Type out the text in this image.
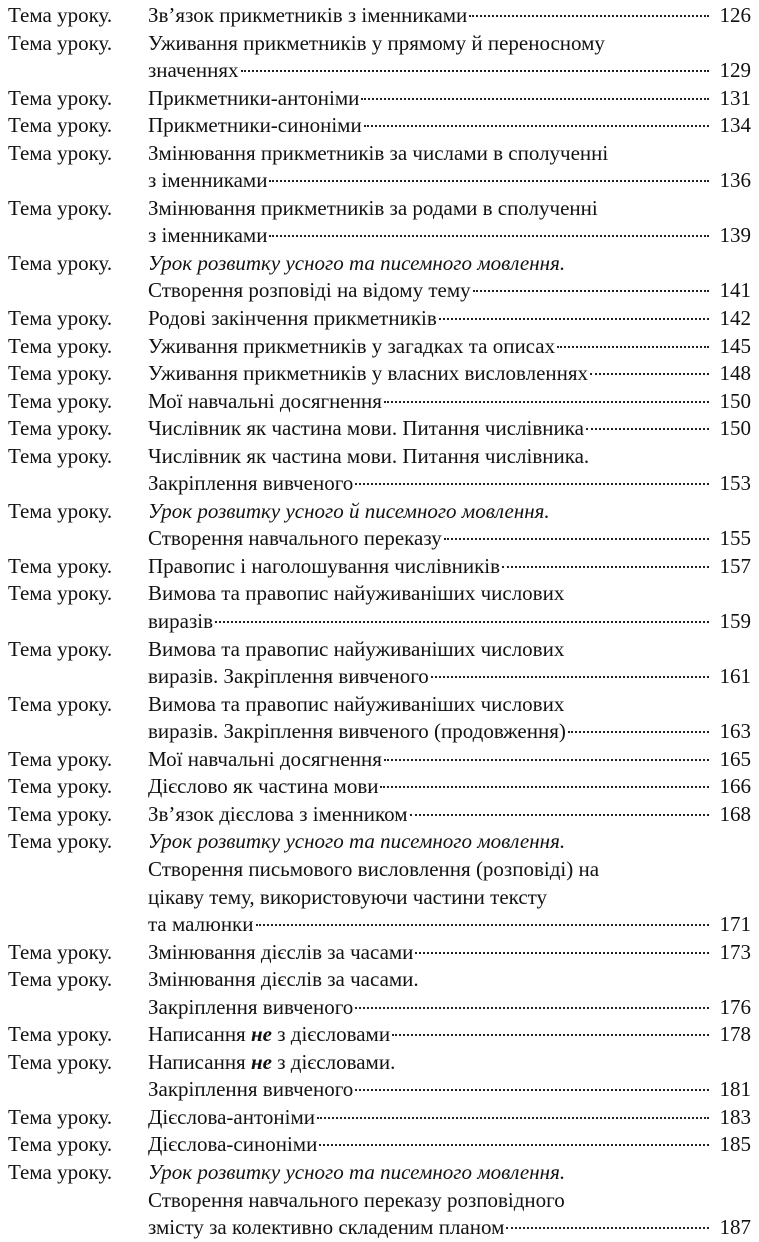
Тема уроку.	Зв’язок прикметників з іменниками	126
Тема уроку.	Уживання прикметників у прямому й переносному
значеннях	129
Тема уроку.	Прикметники-антоніми	131
Тема уроку.	Прикметники-синоніми	134
Тема уроку.	Змінювання прикметників за числами в сполученні
з іменниками	136
Тема уроку.	Змінювання прикметників за родами в сполученні
з іменниками	139
Тема уроку.	Урок розвитку усного та писемного мовлення.
Створення розповіді на відому тему	141
Тема уроку.	Родові закінчення прикметників	142
Тема уроку.	Уживання прикметників у загадках та описах	145
Тема уроку.	Уживання прикметників у власних висловленнях	148
Тема уроку.	Мої навчальні досягнення	150
Тема уроку.	Числівник як частина мови. Питання числівника	150
Тема уроку.	Числівник як частина мови. Питання числівника.
Закріплення вивченого	153
Тема уроку.	Урок розвитку усного й писемного мовлення.
Створення навчального переказу	155
Тема уроку.	Правопис і наголошування числівників	157
Тема уроку.	Вимова та правопис найуживаніших числових
виразів	159
Тема уроку.	Вимова та правопис найуживаніших числових
виразів. Закріплення вивченого	161
Тема уроку.	Вимова та правопис найуживаніших числових
виразів. Закріплення вивченого (продовження)	163
Тема уроку.	Мої навчальні досягнення	165
Тема уроку.	Дієслово як частина мови	166
Тема уроку.	Зв’язок дієслова з іменником	168
Тема уроку.	Урок розвитку усного та писемного мовлення.
Створення письмового висловлення (розповіді) на
цікаву тему, використовуючи частини тексту
та малюнки	171
Тема уроку.	Змінювання дієслів за часами	173
Тема уроку.	Змінювання дієслів за часами.
Закріплення вивченого	176
Тема уроку.	Написання не з дієсловами	178
Тема уроку.	Написання не з дієсловами.
Закріплення вивченого	181
Тема уроку.	Дієслова-антоніми	183
Тема уроку.	Дієслова-синоніми	185
Тема уроку.	Урок розвитку усного та писемного мовлення.
Створення навчального переказу розповідного
змісту за колективно складеним планом	187
